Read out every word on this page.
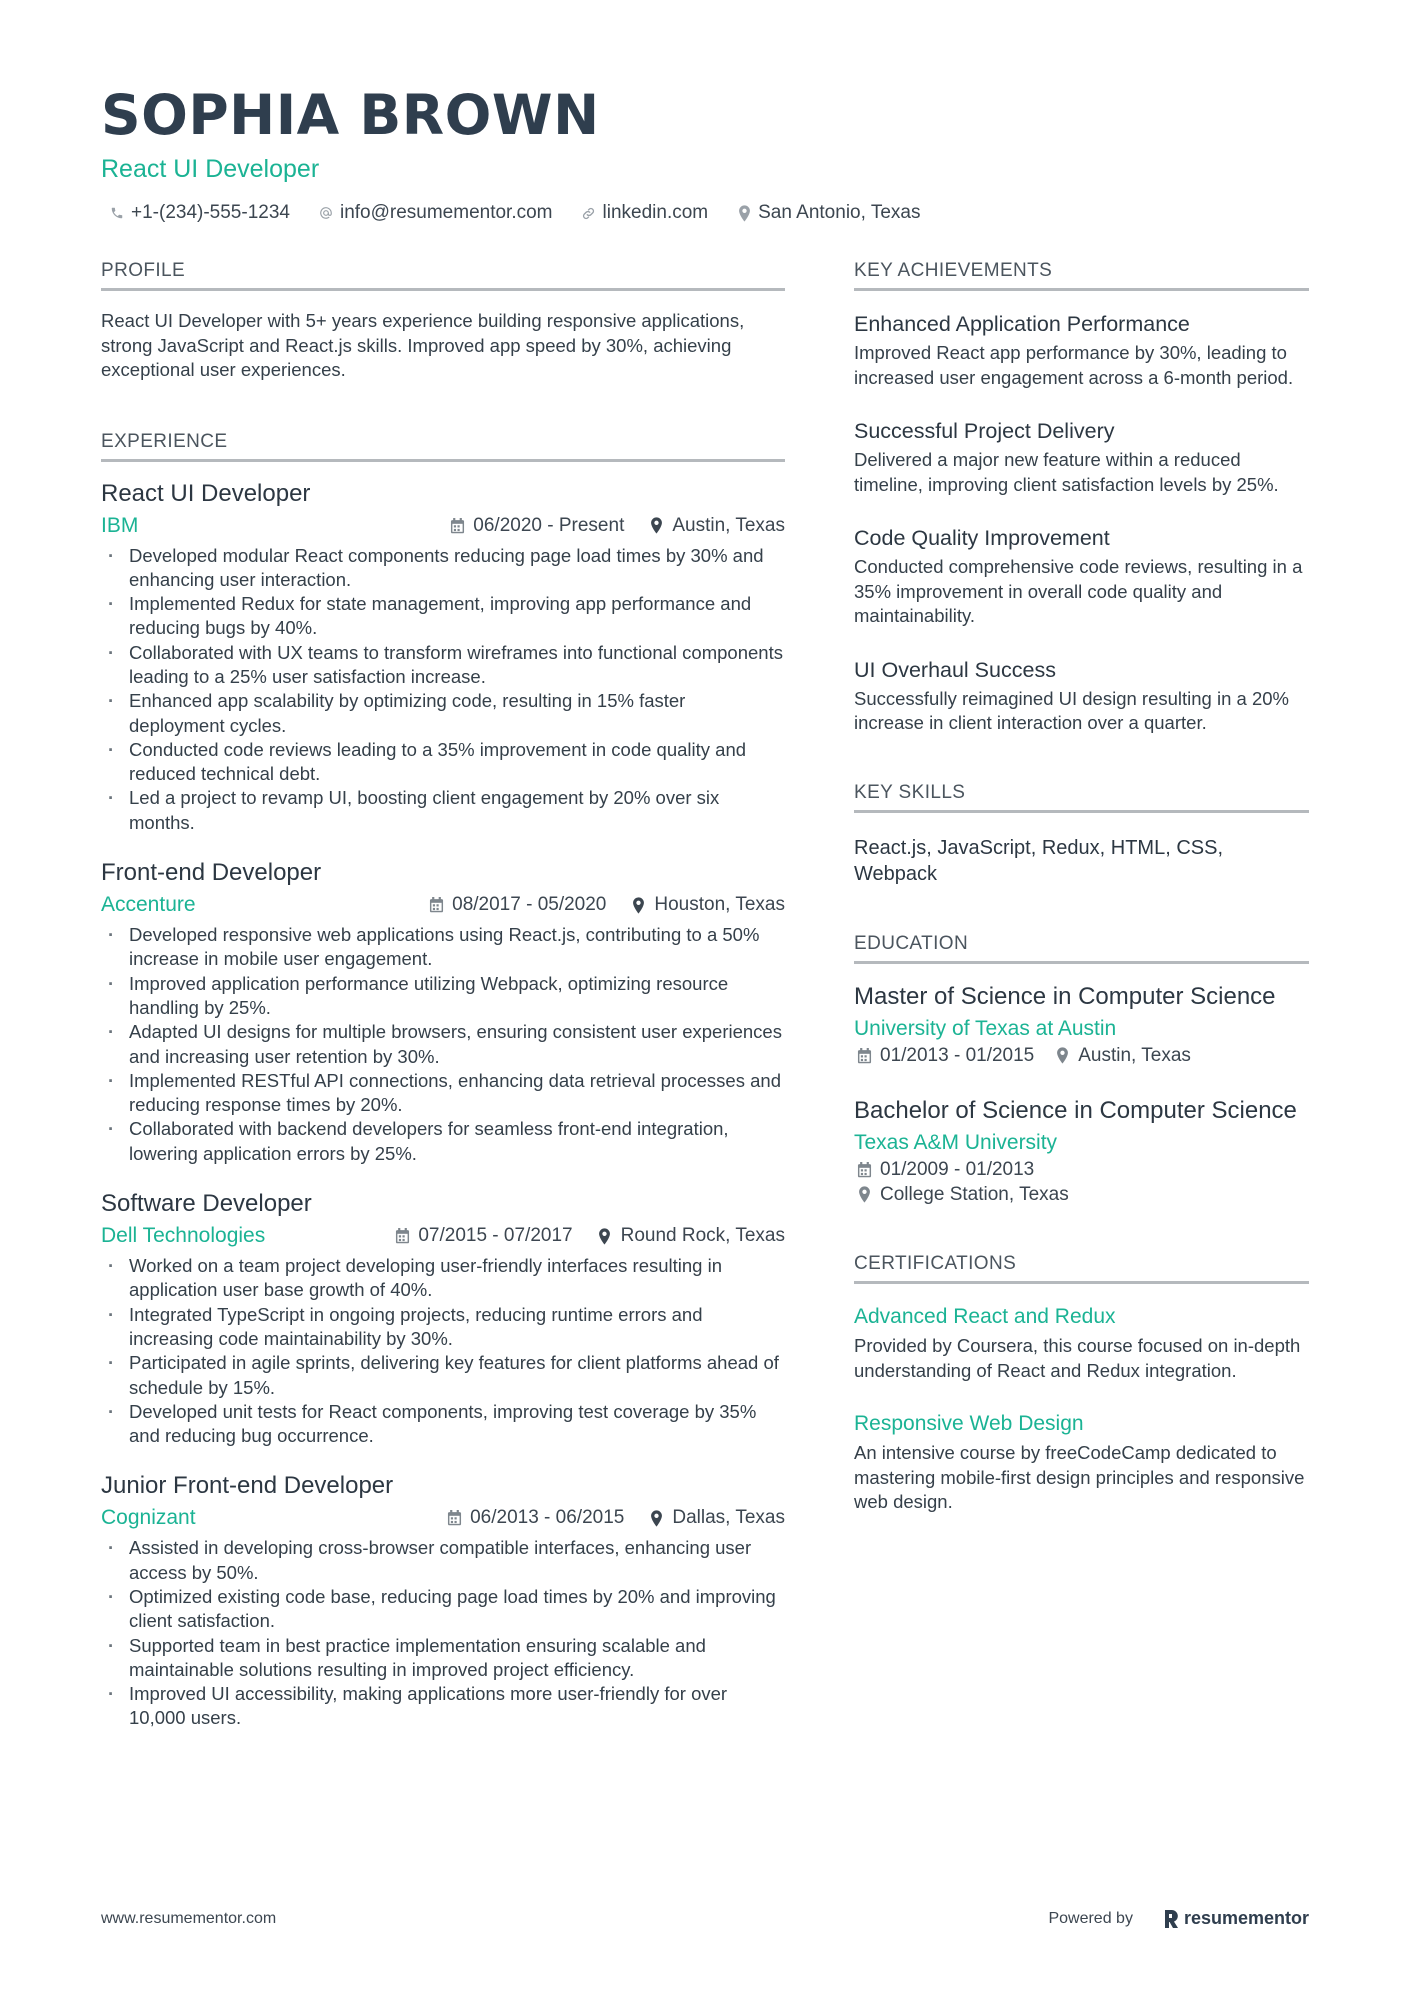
SOPHIA BROWN
React UI Developer
+1-(234)-555-1234	info@resumementor.com	linkedin.com	San Antonio, Texas
PROFILE

React UI Developer with 5+ years experience building responsive applications, strong JavaScript and React.js skills. Improved app speed by 30%, achieving exceptional user experiences.

EXPERIENCE
React UI Developer
IBM	06/2020 - Present	Austin, Texas
· Developed modular React components reducing page load times by 30% and enhancing user interaction.
· Implemented Redux for state management, improving app performance and reducing bugs by 40%.
· Collaborated with UX teams to transform wireframes into functional components leading to a 25% user satisfaction increase.
· Enhanced app scalability by optimizing code, resulting in 15% faster deployment cycles.
· Conducted code reviews leading to a 35% improvement in code quality and reduced technical debt.
· Led a project to revamp UI, boosting client engagement by 20% over six months.
Front-end Developer
Accenture	08/2017 - 05/2020	Houston, Texas
· Developed responsive web applications using React.js, contributing to a 50% increase in mobile user engagement.
· Improved application performance utilizing Webpack, optimizing resource handling by 25%.
· Adapted UI designs for multiple browsers, ensuring consistent user experiences and increasing user retention by 30%.
· Implemented RESTful API connections, enhancing data retrieval processes and reducing response times by 20%.
· Collaborated with backend developers for seamless front-end integration, lowering application errors by 25%.
Software Developer
Dell Technologies	07/2015 - 07/2017	Round Rock, Texas
· Worked on a team project developing user-friendly interfaces resulting in application user base growth of 40%.
· Integrated TypeScript in ongoing projects, reducing runtime errors and increasing code maintainability by 30%.
· Participated in agile sprints, delivering key features for client platforms ahead of schedule by 15%.
· Developed unit tests for React components, improving test coverage by 35% and reducing bug occurrence.
Junior Front-end Developer
Cognizant	06/2013 - 06/2015	Dallas, Texas
· Assisted in developing cross-browser compatible interfaces, enhancing user access by 50%.
· Optimized existing code base, reducing page load times by 20% and improving client satisfaction.
· Supported team in best practice implementation ensuring scalable and maintainable solutions resulting in improved project efficiency.
· Improved UI accessibility, making applications more user-friendly for over 10,000 users.
KEY ACHIEVEMENTS
Enhanced Application Performance
Improved React app performance by 30%, leading to increased user engagement across a 6-month period.
Successful Project Delivery
Delivered a major new feature within a reduced timeline, improving client satisfaction levels by 25%.
Code Quality Improvement
Conducted comprehensive code reviews, resulting in a 35% improvement in overall code quality and maintainability.
UI Overhaul Success
Successfully reimagined UI design resulting in a 20% increase in client interaction over a quarter.
KEY SKILLS
React.js, JavaScript, Redux, HTML, CSS, Webpack
EDUCATION
Master of Science in Computer Science
University of Texas at Austin
01/2013 - 01/2015 Austin, Texas
Bachelor of Science in Computer Science
Texas A&M University
01/2009 - 01/2013
College Station, Texas
CERTIFICATIONS
Advanced React and Redux
Provided by Coursera, this course focused on in-depth understanding of React and Redux integration.
Responsive Web Design
An intensive course by freeCodeCamp dedicated to mastering mobile-first design principles and responsive web design.
www.resumementor.com	Powered by	resumementor
